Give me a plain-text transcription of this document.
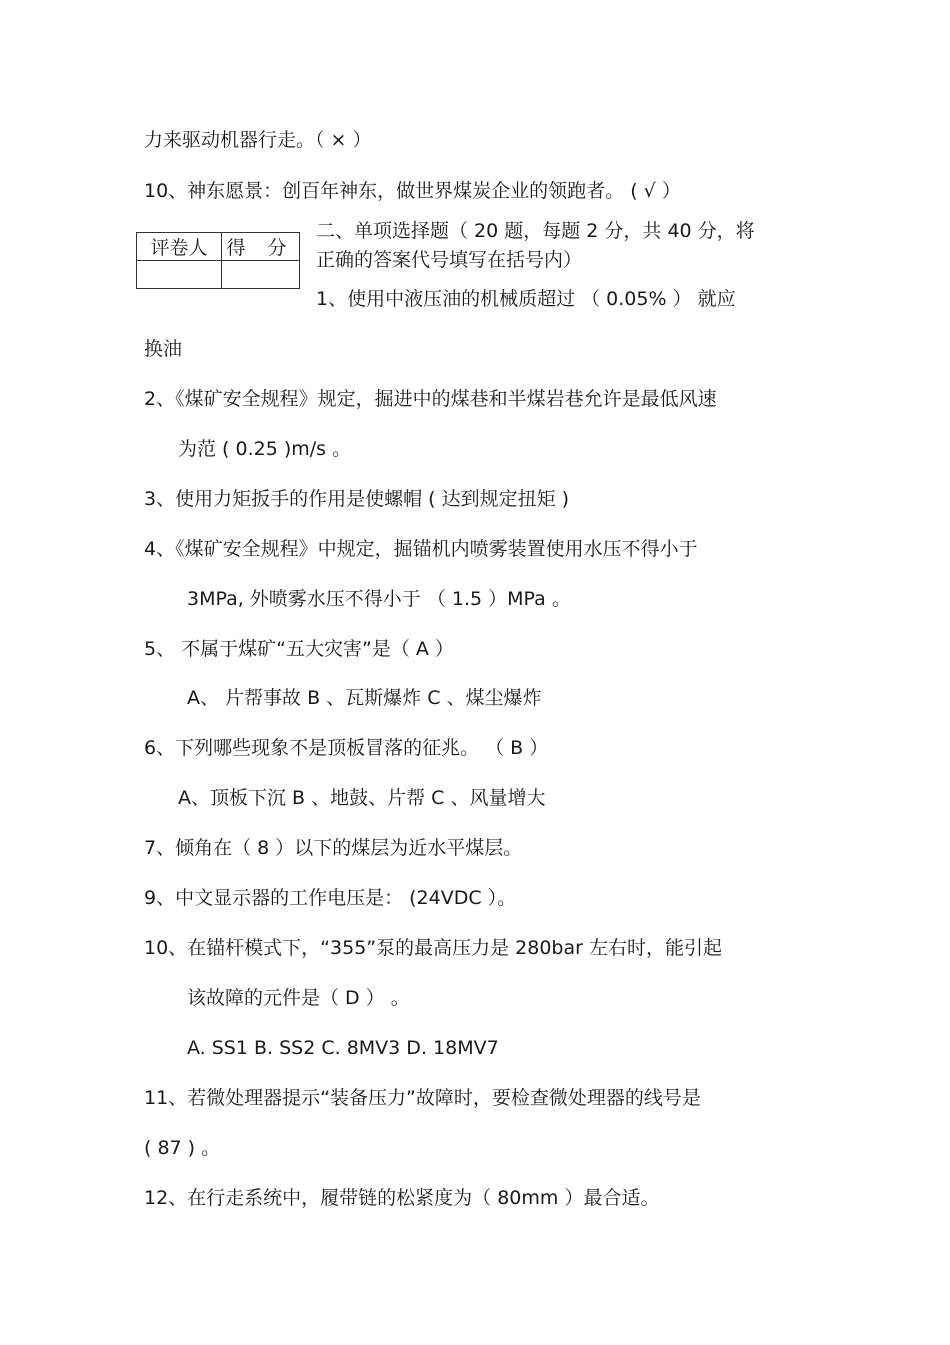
力来驱动机器行走。（ × ）
10、神东愿景：创百年神东，做世界煤炭企业的领跑者。 ( √ ）
评卷人	得 分

二、单项选择题（ 20 题，每题 2 分，共 40 分，将
正确的答案代号填写在括号内）
1、使用中液压油的机械质超过 （ 0.05% ） 就应
换油
2、《煤矿安全规程》规定，掘进中的煤巷和半煤岩巷允许是最低风速
为范 ( 0.25 )m/s 。
3、使用力矩扳手的作用是使螺帽 ( 达到规定扭矩 )
4、《煤矿安全规程》中规定，掘锚机内喷雾装置使用水压不得小于
3MPa, 外喷雾水压不得小于 （ 1.5 ）MPa 。
5、 不属于煤矿“五大灾害”是（ A ）
A、 片帮事故 B 、瓦斯爆炸 C 、煤尘爆炸
6、下列哪些现象不是顶板冒落的征兆。 （ B ）
A、顶板下沉 B 、地鼓、片帮 C 、风量增大
7、倾角在（ 8 ）以下的煤层为近水平煤层。
9、中文显示器的工作电压是： (24VDC ）。
10、在锚杆模式下，“355”泵的最高压力是 280bar 左右时，能引起
该故障的元件是（ D ） 。
A. SS1 B. SS2 C. 8MV3 D. 18MV7
11、若微处理器提示“装备压力”故障时，要检查微处理器的线号是
( 87 ) 。
12、在行走系统中，履带链的松紧度为（ 80mm ）最合适。
